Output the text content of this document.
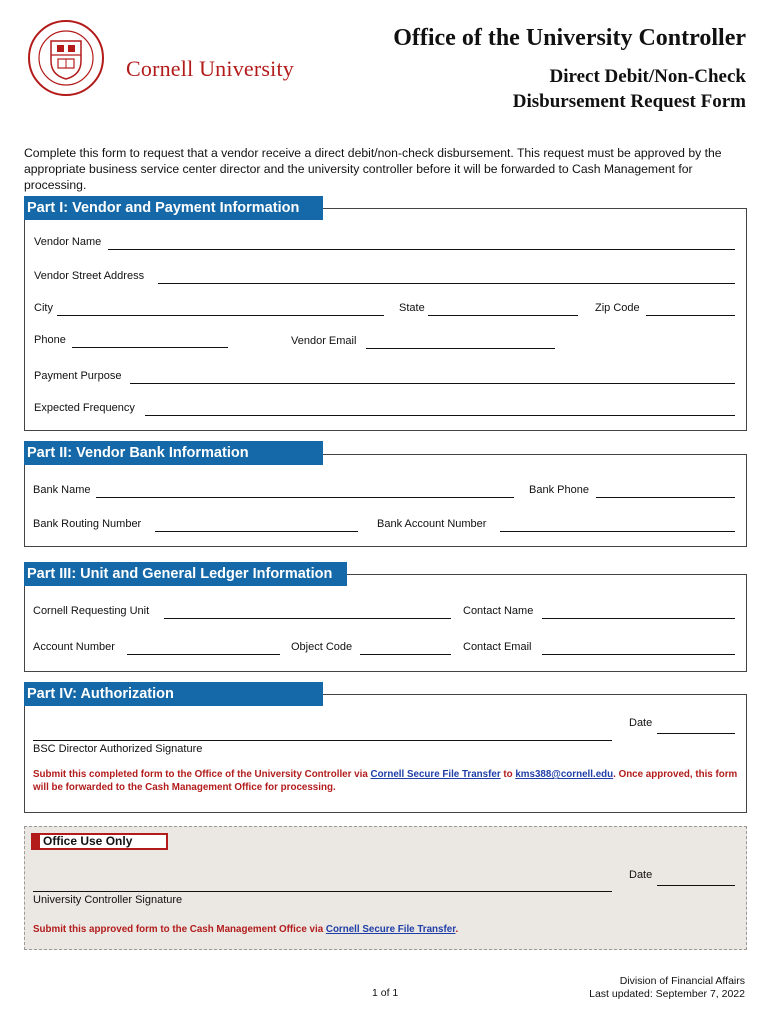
Cornell University
Office of the University Controller
Direct Debit/Non-Check
Disbursement Request Form
Complete this form to request that a vendor receive a direct debit/non-check disbursement. This request must be approved by the appropriate business service center director and the university controller before it will be forwarded to Cash Management for processing.
Part I: Vendor and Payment Information
Vendor Name
Vendor Street Address
City	State	Zip Code
Phone	Vendor Email
Payment Purpose
Expected Frequency
Part II: Vendor Bank Information
Bank Name	Bank Phone
Bank Routing Number	Bank Account Number
Part III: Unit and General Ledger Information
Cornell Requesting Unit	Contact Name
Account Number	Object Code	Contact Email
Part IV: Authorization
Date
BSC Director Authorized Signature
Submit this completed form to the Office of the University Controller via Cornell Secure File Transfer to kms388@cornell.edu. Once approved, this form will be forwarded to the Cash Management Office for processing.
Office Use Only
Date
University Controller Signature
Submit this approved form to the Cash Management Office via Cornell Secure File Transfer.
1 of 1
Division of Financial Affairs
Last updated: September 7, 2022
